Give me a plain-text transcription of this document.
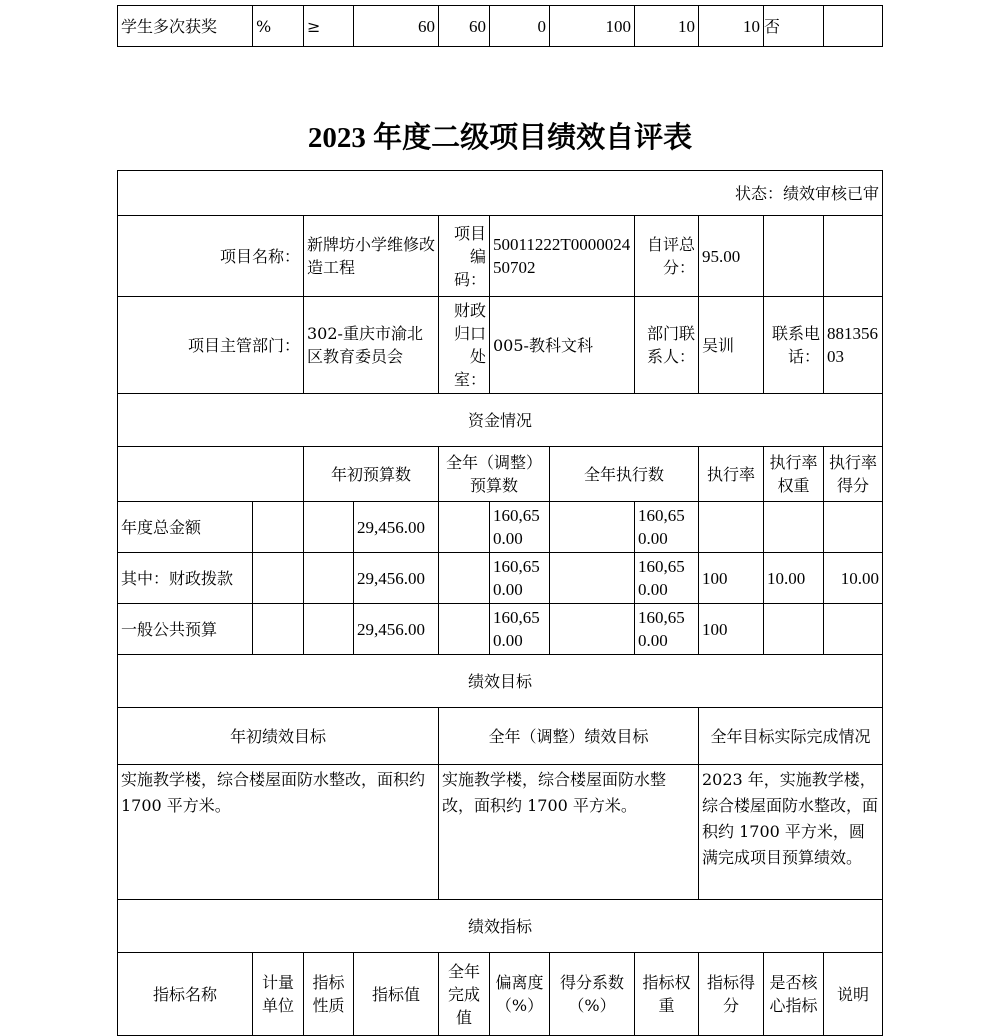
学生多次获奖	%	≥	60	60	0	100	10	10	否	
2023 年度二级项目绩效自评表
状态：绩效审核已审										
项目名称：		新牌坊小学维修改造工程		项目编码：	50011222T000002450702		自评总分：	95.00		
项目主管部门：		302-重庆市渝北区教育委员会		财政归口处室：	005-教科文科		部门联系人：	吴训	联系电话：	88135603
资金情况										
		年初预算数		全年（调整）预算数		全年执行数		执行率	执行率权重	执行率得分
年度总金额			29,456.00		160,650.00		160,650.00			
其中：财政拨款			29,456.00		160,650.00		160,650.00	100	10.00	10.00
一般公共预算			29,456.00		160,650.00		160,650.00	100		
绩效目标										
年初绩效目标				全年（调整）绩效目标				全年目标实际完成情况		
实施教学楼，综合楼屋面防水整改，面积约 1700 平方米。				实施教学楼，综合楼屋面防水整改，面积约 1700 平方米。				2023 年，实施教学楼，综合楼屋面防水整改，面积约 1700 平方米，圆满完成项目预算绩效。		
绩效指标										
指标名称	计量单位	指标性质	指标值	全年完成值	偏离度（%）	得分系数（%）	指标权重	指标得分	是否核心指标	说明
